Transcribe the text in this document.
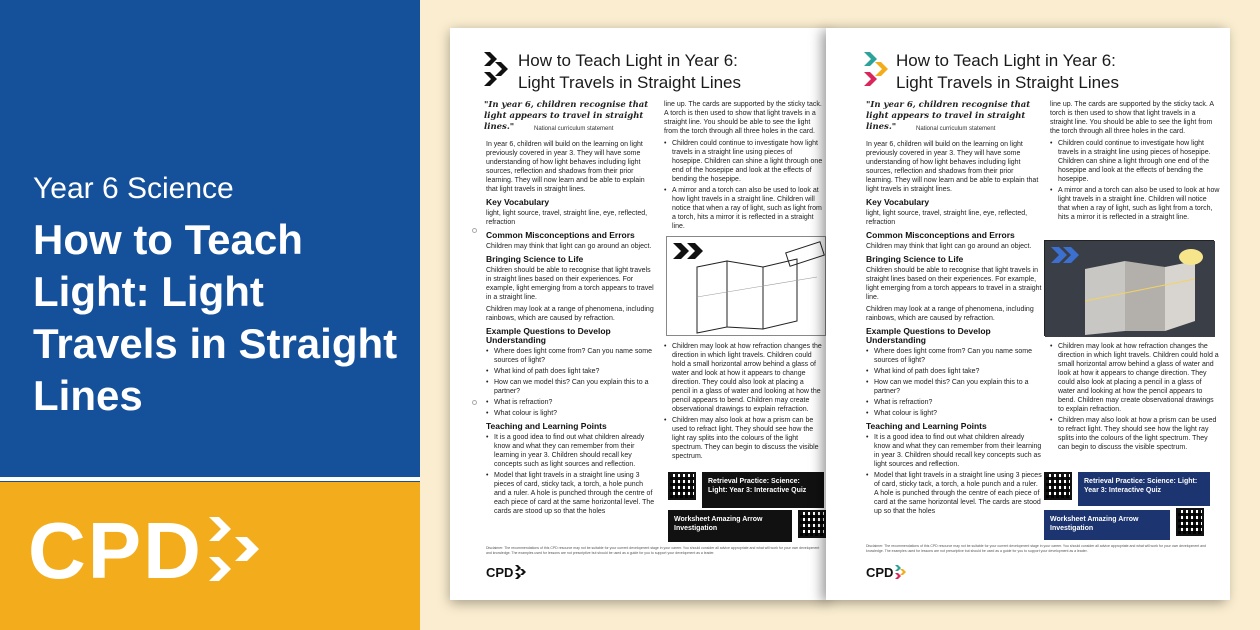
Year 6 Science
How to Teach Light: Light Travels in Straight Lines
CPD
How to Teach Light in Year 6:
Light Travels in Straight Lines
"In year 6, children recognise that light appears to travel in straight lines."	National curriculum statement

In year 6, children will build on the learning on light previously covered in year 3. They will have some understanding of how light behaves including light sources, reflection and shadows from their prior learning. They will now learn and be able to explain that light travels in straight lines.

Key Vocabulary

light, light source, travel, straight line, eye, reflected, refraction

Common Misconceptions and Errors

Children may think that light can go around an object.

Bringing Science to Life

Children should be able to recognise that light travels in straight lines based on their experiences. For example, light emerging from a torch appears to travel in a straight line.

Children may look at a range of phenomena, including rainbows, which are caused by refraction.

Example Questions to Develop Understanding
• Where does light come from? Can you name some sources of light?
• What kind of path does light take?
• How can we model this? Can you explain this to a partner?
• What is refraction?
• What colour is light?
Teaching and Learning Points
• It is a good idea to find out what children already know and what they can remember from their learning in year 3. Children should recall key concepts such as light sources and reflection.
• Model that light travels in a straight line using 3 pieces of card, sticky tack, a torch, a hole punch and a ruler. A hole is punched through the centre of each piece of card at the same horizontal level. The cards are stood up so that the holes

line up. The cards are supported by the sticky tack. A torch is then used to show that light travels in a straight line. You should be able to see the light from the torch through all three holes in the card.

• Children could continue to investigate how light travels in a straight line using pieces of hosepipe. Children can shine a light through one end of the hosepipe and look at the effects of bending the hosepipe.
• A mirror and a torch can also be used to look at how light travels in a straight line. Children will notice that when a ray of light, such as light from a torch, hits a mirror it is reflected in a straight line.
• Children may look at how refraction changes the direction in which light travels. Children could hold a small horizontal arrow behind a glass of water and look at how it appears to change direction. They could also look at placing a pencil in a glass of water and looking at how the pencil appears to bend. Children may create observational drawings to explain refraction.
• Children may also look at how a prism can be used to refract light. They should see how the light ray splits into the colours of the light spectrum. They can begin to discuss the visible spectrum.
Retrieval Practice: Science: Light: Year 3: Interactive Quiz
Worksheet Amazing Arrow Investigation
Disclaimer: The recommendations of this CPD resource may not be suitable for your current development stage in your career. You should consider all advice appropriate and what will work for your own development and knowledge. The examples used for lessons are not prescriptive but should be used as a guide for you to support your development as a leader.
CPD
How to Teach Light in Year 6:
Light Travels in Straight Lines
"In year 6, children recognise that light appears to travel in straight lines."	National curriculum statement

In year 6, children will build on the learning on light previously covered in year 3. They will have some understanding of how light behaves including light sources, reflection and shadows from their prior learning. They will now learn and be able to explain that light travels in straight lines.

Key Vocabulary

light, light source, travel, straight line, eye, reflected, refraction

Common Misconceptions and Errors

Children may think that light can go around an object.

Bringing Science to Life

Children should be able to recognise that light travels in straight lines based on their experiences. For example, light emerging from a torch appears to travel in a straight line.

Children may look at a range of phenomena, including rainbows, which are caused by refraction.

Example Questions to Develop Understanding
• Where does light come from? Can you name some sources of light?
• What kind of path does light take?
• How can we model this? Can you explain this to a partner?
• What is refraction?
• What colour is light?
Teaching and Learning Points
• It is a good idea to find out what children already know and what they can remember from their learning in year 3. Children should recall key concepts such as light sources and reflection.
• Model that light travels in a straight line using 3 pieces of card, sticky tack, a torch, a hole punch and a ruler. A hole is punched through the centre of each piece of card at the same horizontal level. The cards are stood up so that the holes

line up. The cards are supported by the sticky tack. A torch is then used to show that light travels in a straight line. You should be able to see the light from the torch through all three holes in the card.

• Children could continue to investigate how light travels in a straight line using pieces of hosepipe. Children can shine a light through one end of the hosepipe and look at the effects of bending the hosepipe.
• A mirror and a torch can also be used to look at how light travels in a straight line. Children will notice that when a ray of light, such as light from a torch, hits a mirror it is reflected in a straight line.
• Children may look at how refraction changes the direction in which light travels. Children could hold a small horizontal arrow behind a glass of water and look at how it appears to change direction. They could also look at placing a pencil in a glass of water and looking at how the pencil appears to bend. Children may create observational drawings to explain refraction.
• Children may also look at how a prism can be used to refract light. They should see how the light ray splits into the colours of the light spectrum. They can begin to discuss the visible spectrum.
Retrieval Practice: Science: Light: Year 3: Interactive Quiz
Worksheet Amazing Arrow Investigation
Disclaimer: The recommendations of this CPD resource may not be suitable for your current development stage in your career. You should consider all advice appropriate and what will work for your own development and knowledge. The examples used for lessons are not prescriptive but should be used as a guide for you to support your development as a leader.
CPD
